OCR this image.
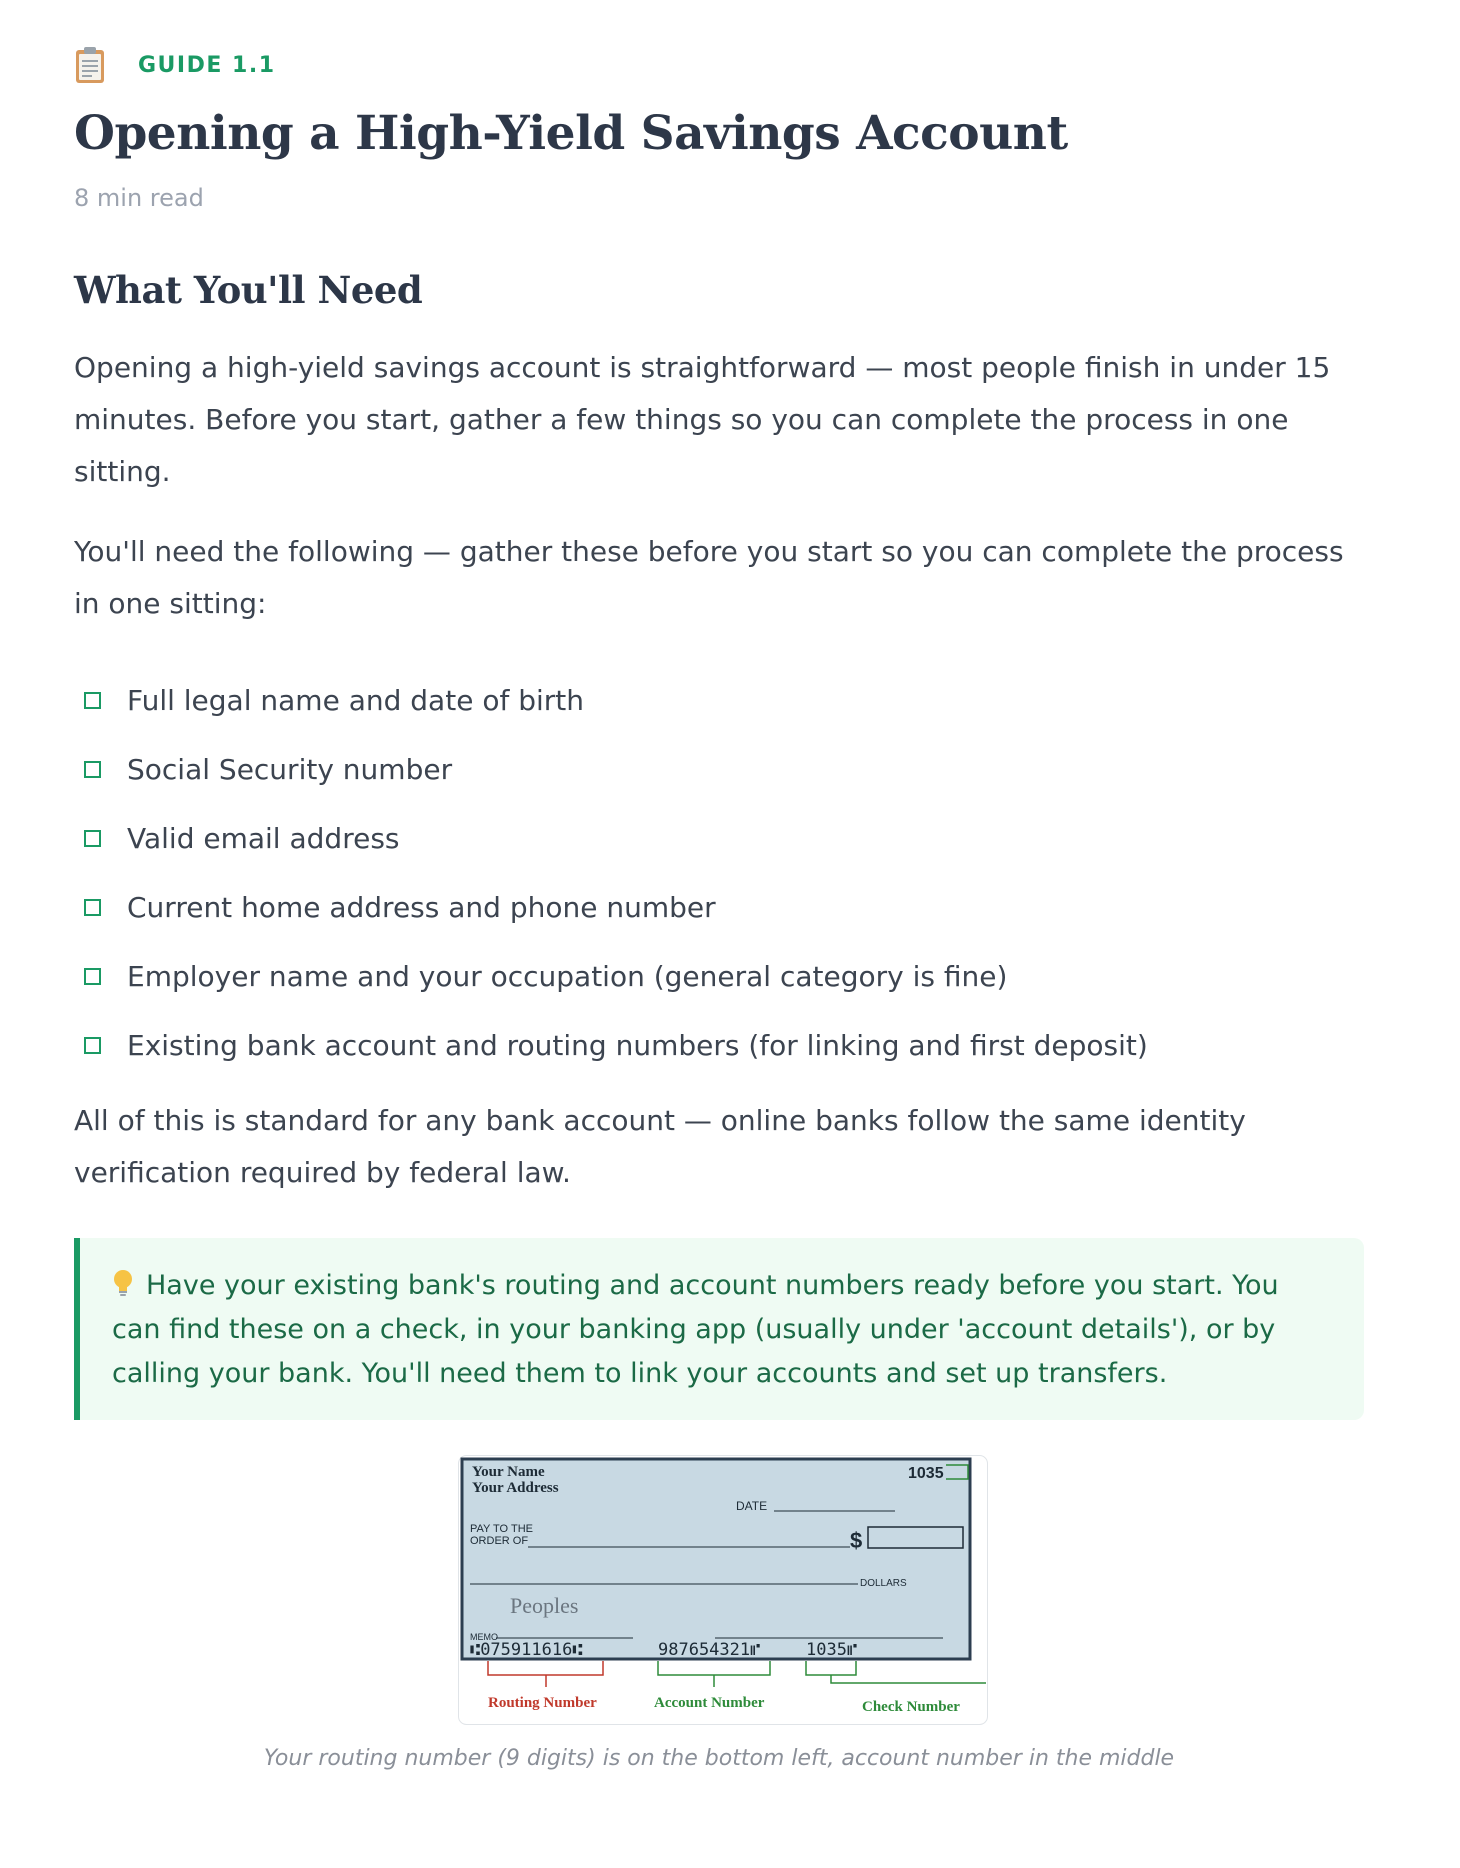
GUIDE 1.1
Opening a High-Yield Savings Account
8 min read
What You'll Need

Opening a high-yield savings account is straightforward — most people finish in under 15 minutes. Before you start, gather a few things so you can complete the process in one sitting.

You'll need the following — gather these before you start so you can complete the process in one sitting:

Full legal name and date of birth
Social Security number
Valid email address
Current home address and phone number
Employer name and your occupation (general category is fine)
Existing bank account and routing numbers (for linking and first deposit)

All of this is standard for any bank account — online banks follow the same identity verification required by federal law.

Have your existing bank's routing and account numbers ready before you start. You can find these on a check, in your banking app (usually under 'account details'), or by calling your bank. You'll need them to link your accounts and set up transfers.
Your Name
Your Address
1035
DATE
PAY TO THE
ORDER OF	$
DOLLARS
Peoples
MEMO
⑆075911616⑆	987654321⑈	1035⑈
Routing Number	Account Number	Check Number
Your routing number (9 digits) is on the bottom left, account number in the middle
